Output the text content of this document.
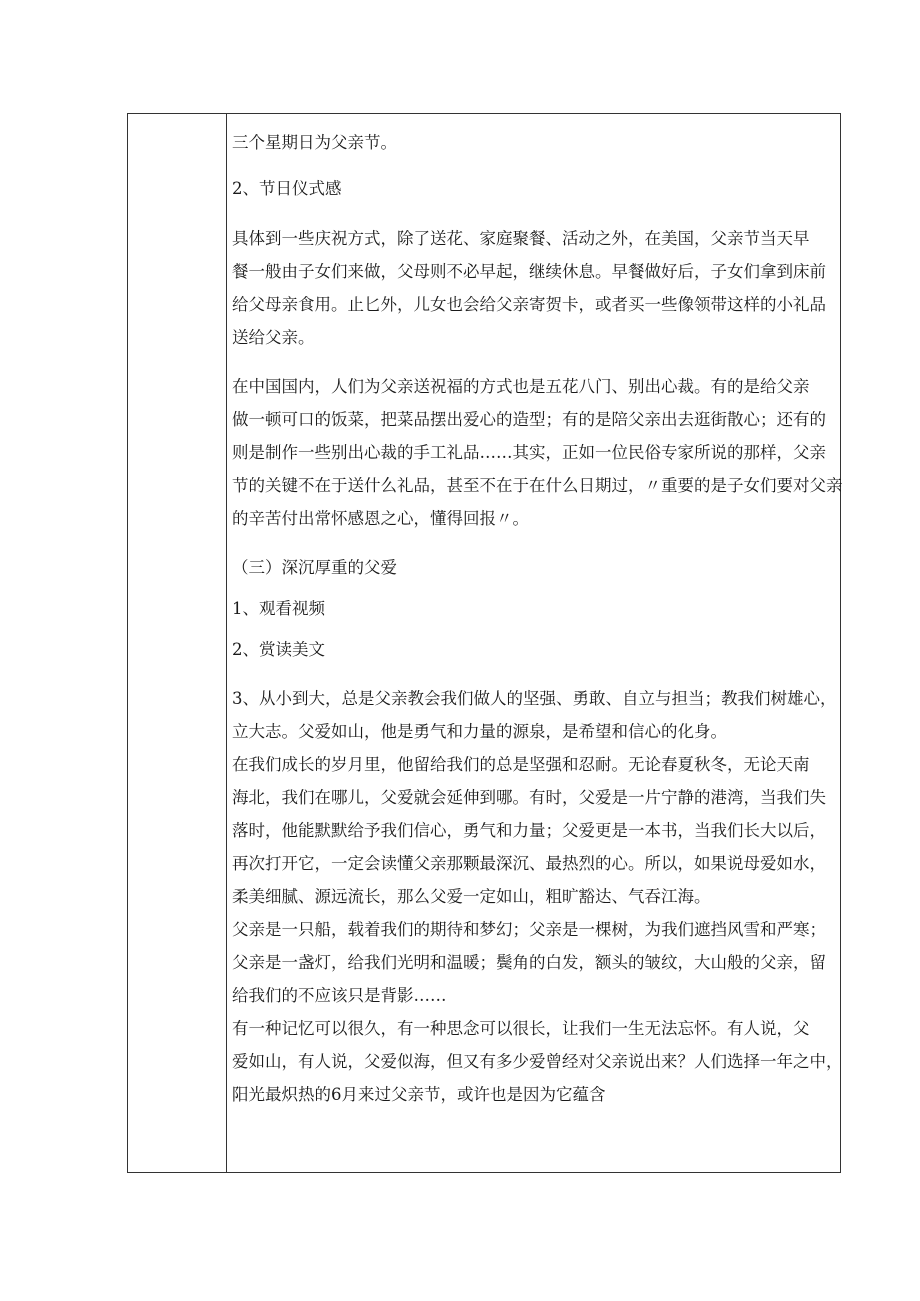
三个星期日为父亲节。
2、节日仪式感
具体到一些庆祝方式，除了送花、家庭聚餐、活动之外，在美国，父亲节当天早
餐一般由子女们来做，父母则不必早起，继续休息。早餐做好后，子女们拿到床前
给父母亲食用。止匕外，儿女也会给父亲寄贺卡，或者买一些像领带这样的小礼品
送给父亲。
在中国国内，人们为父亲送祝福的方式也是五花八门、别出心裁。有的是给父亲
做一顿可口的饭菜，把菜品摆出爱心的造型；有的是陪父亲出去逛街散心；还有的
则是制作一些别出心裁的手工礼品……其实，正如一位民俗专家所说的那样，父亲
节的关键不在于送什么礼品，甚至不在于在什么日期过，〃重要的是子女们要对父亲
的辛苦付出常怀感恩之心，懂得回报〃。
（三）深沉厚重的父爱
1、观看视频
2、赏读美文
3、从小到大，总是父亲教会我们做人的坚强、勇敢、自立与担当；教我们树雄心，
立大志。父爱如山，他是勇气和力量的源泉，是希望和信心的化身。
在我们成长的岁月里，他留给我们的总是坚强和忍耐。无论春夏秋冬，无论天南
海北，我们在哪儿，父爱就会延伸到哪。有时，父爱是一片宁静的港湾，当我们失
落时，他能默默给予我们信心，勇气和力量；父爱更是一本书，当我们长大以后，
再次打开它，一定会读懂父亲那颗最深沉、最热烈的心。所以，如果说母爱如水，
柔美细腻、源远流长，那么父爱一定如山，粗旷豁达、气吞江海。
父亲是一只船，载着我们的期待和梦幻；父亲是一棵树，为我们遮挡风雪和严寒；
父亲是一盏灯，给我们光明和温暖；鬓角的白发，额头的皱纹，大山般的父亲，留
给我们的不应该只是背影……
有一种记忆可以很久，有一种思念可以很长，让我们一生无法忘怀。有人说，父
爱如山，有人说，父爱似海，但又有多少爱曾经对父亲说出来？人们选择一年之中，
阳光最炽热的6月来过父亲节，或许也是因为它蕴含
